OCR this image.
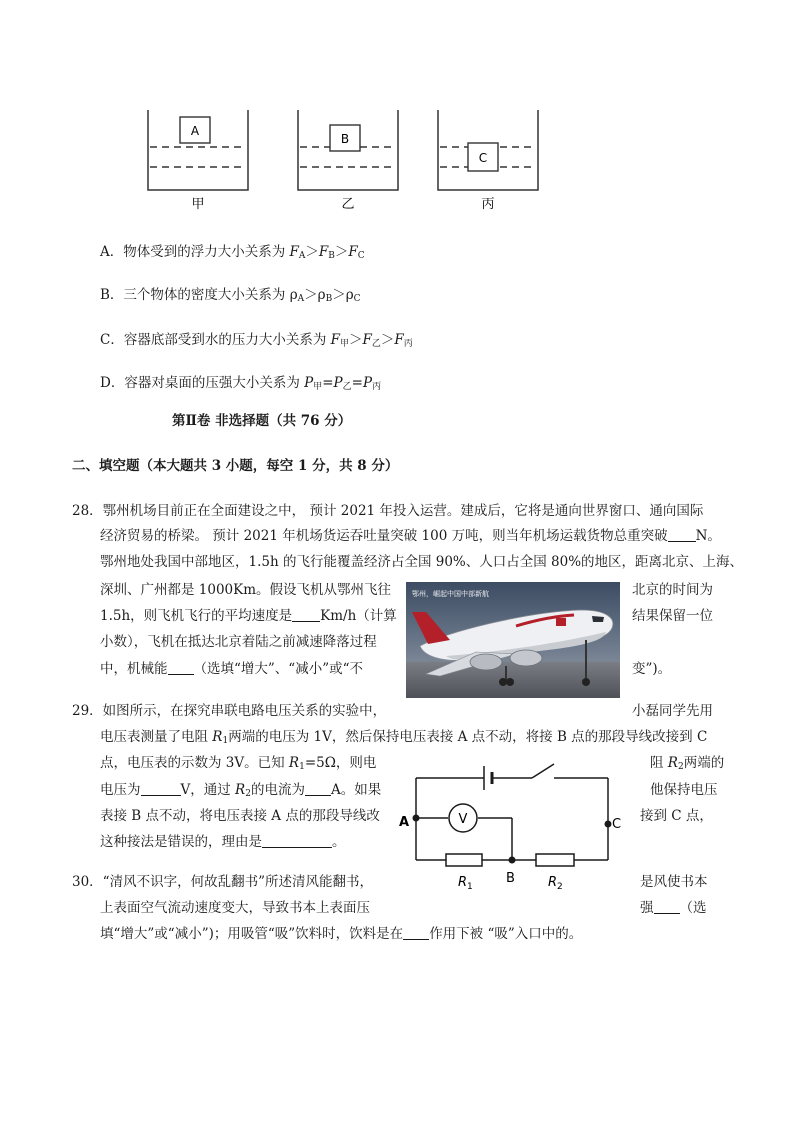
A
甲
B
乙
C
丙
A．物体受到的浮力大小关系为 $F_A>F_B>F_C$
B．三个物体的密度大小关系为 $\rho_A>\rho_B>\rho_C$
C．容器底部受到水的压力大小关系为 $F_甲>F_乙>F_丙$
D．容器对桌面的压强大小关系为 $P_甲=P_乙=P_丙$
第Ⅱ卷 非选择题（共 76 分）
二、填空题（本大题共 3 小题，每空 1 分，共 8 分）
28．鄂州机场目前正在全面建设之中， 预计 2021 年投入运营。建成后，它将是通向世界窗口、通向国际
经济贸易的桥梁。 预计 2021 年机场货运吞吐量突破 100 万吨，则当年机场运载货物总重突破 N。
鄂州地处我国中部地区，1.5h 的飞行能覆盖经济占全国 90%、人口占全国 80%的地区，距离北京、上海、
深圳、广州都是 1000Km。假设飞机从鄂州飞往	北京的时间为
1.5h，则飞机飞行的平均速度是 Km/h（计算	结果保留一位
小数），飞机在抵达北京着陆之前减速降落过程
中，机械能 （选填“增大”、“减小”或“不	变”)。
鄂州，崛起中国中部新航
29．如图所示，在探究串联电路电压关系的实验中，	小磊同学先用
电压表测量了电阻 $R_1$两端的电压为 1V，然后保持电压表接 A 点不动，将接 B 点的那段导线改接到 C
点，电压表的示数为 3V。已知 $R_1=5\Omega$，则电	阻 $R_2$两端的
电压为	V，通过 $R_2$的电流为 A。如果	他保持电压
表接 B 点不动，将电压表接 A 点的那段导线改	接到 C 点，
这种接法是错误的，理由是	。
V
A
B
C
$R_1$	$R_2$
30．“清风不识字，何故乱翻书”所述清风能翻书，	是风使书本
上表面空气流动速度变大，导致书本上表面压	强 （选
填“增大”或“减小”)；用吸管“吸”饮料时，饮料是在 作用下被 “吸”入口中的。
